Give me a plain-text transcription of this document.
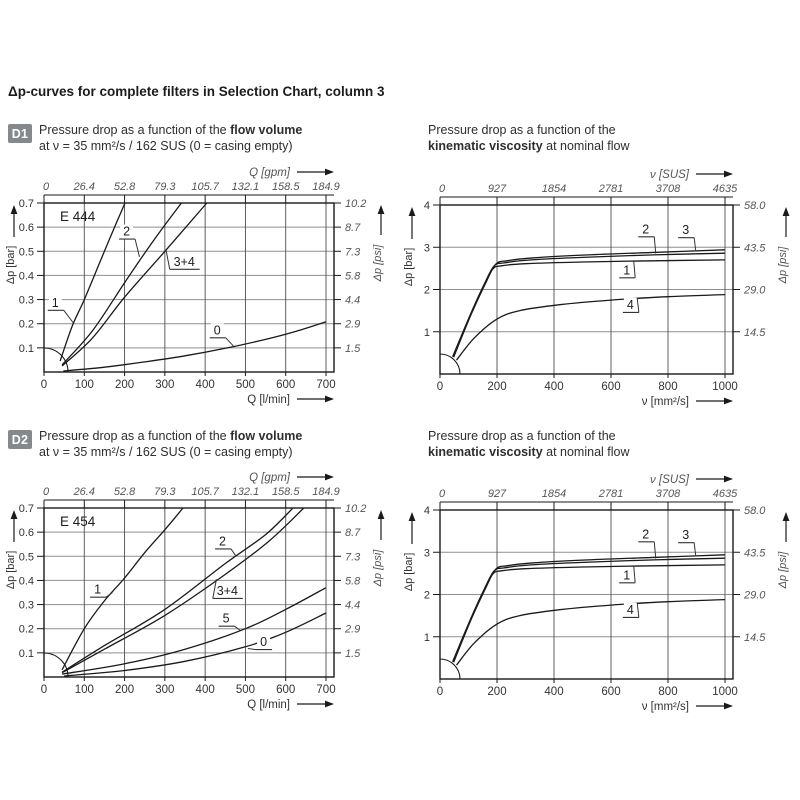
Δp-curves for complete filters in Selection Chart, column 3
D1 Pressure drop as a function of the flow volume
at ν = 35 mm²/s / 162 SUS (0 = casing empty)
Pressure drop as a function of the
kinematic viscosity at nominal flow
D2 Pressure drop as a function of the flow volume
at ν = 35 mm²/s / 162 SUS (0 = casing empty)
Pressure drop as a function of the
kinematic viscosity at nominal flow
0 26.4 52.8 79.3 105.7 132.1 158.5 184.9
Q [gpm]
0 100 200 300 400 500 600 700
Q [l/min]
0.1
0.2
0.3
0.4
0.5
0.6
0.7
Δp [bar]
1.5
2.9
4.4
5.8
7.3
8.7
10.2
Δp [psi]
1
2
3+4
0
E 444
0	927	1854	2781	3708	4635
ν [SUS]
0	200	400	600	800	1000
ν [mm²/s]
1
2
3
4
Δp [bar]
14.5
29.0
43.5
58.0
Δp [psi]
1
2	3
4
0 26.4 52.8 79.3 105.7 132.1 158.5 184.9
Q [gpm]
0 100 200 300 400 500 600 700
Q [l/min]
0.1
0.2
0.3
0.4
0.5
0.6
0.7
Δp [bar]
1.5
2.9
4.4
5.8
7.3
8.7
10.2
Δp [psi]
1
2
3+4
5
0
E 454
0	927	1854	2781	3708	4635
ν [SUS]
0	200	400	600	800	1000
ν [mm²/s]
1
2
3
4
Δp [bar]
14.5
29.0
43.5
58.0
Δp [psi]
1
2	3
4
